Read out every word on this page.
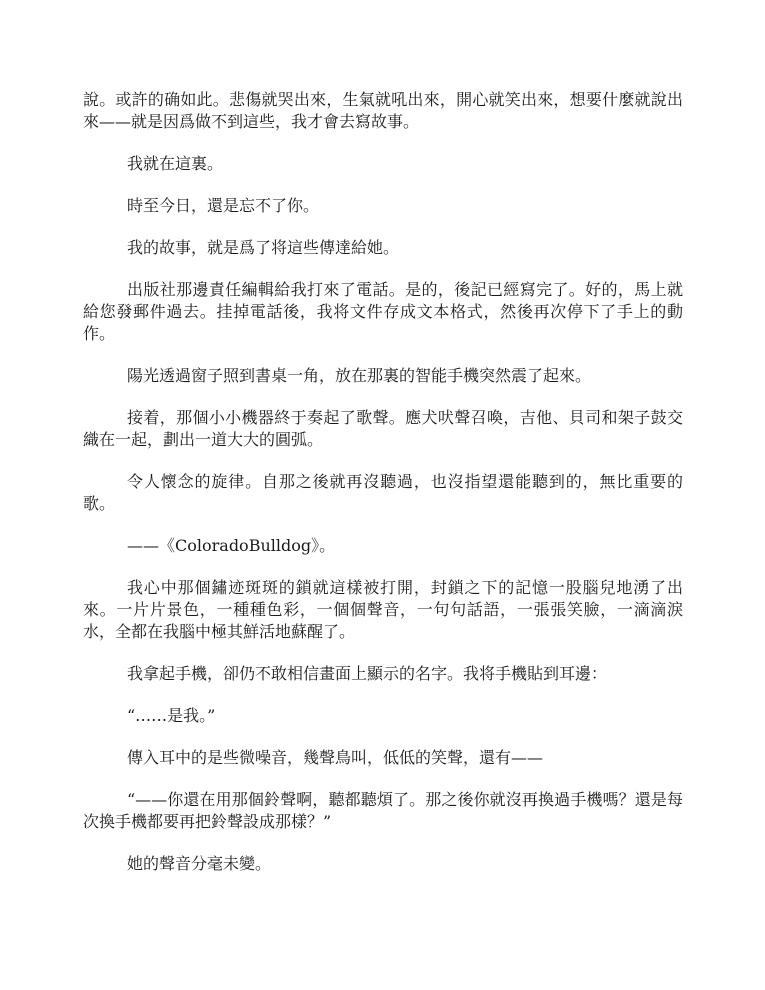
說。或許的确如此。悲傷就哭出來，生氣就吼出來，開心就笑出來，想要什麼就說出來——就是因爲做不到這些，我才會去寫故事。

我就在這裏。

時至今日，還是忘不了你。

我的故事，就是爲了将這些傳達給她。

出版社那邊責任編輯給我打來了電話。是的，後記已經寫完了。好的，馬上就給您發郵件過去。挂掉電話後，我将文件存成文本格式，然後再次停下了手上的動作。

陽光透過窗子照到書桌一角，放在那裏的智能手機突然震了起來。

接着，那個小小機器終于奏起了歌聲。應犬吠聲召喚，吉他、貝司和架子鼓交織在一起，劃出一道大大的圓弧。

令人懷念的旋律。自那之後就再沒聽過，也沒指望還能聽到的，無比重要的歌。

——《ColoradoBulldog》。

我心中那個鏽迹斑斑的鎖就這樣被打開，封鎖之下的記憶一股腦兒地湧了出來。一片片景色，一種種色彩，一個個聲音，一句句話語，一張張笑臉，一滴滴淚水，全都在我腦中極其鮮活地蘇醒了。

我拿起手機，卻仍不敢相信畫面上顯示的名字。我将手機貼到耳邊：

“……是我。”

傳入耳中的是些微噪音，幾聲鳥叫，低低的笑聲，還有——

“——你還在用那個鈴聲啊，聽都聽煩了。那之後你就沒再換過手機嗎？還是每次換手機都要再把鈴聲設成那樣？”

她的聲音分毫未變。
